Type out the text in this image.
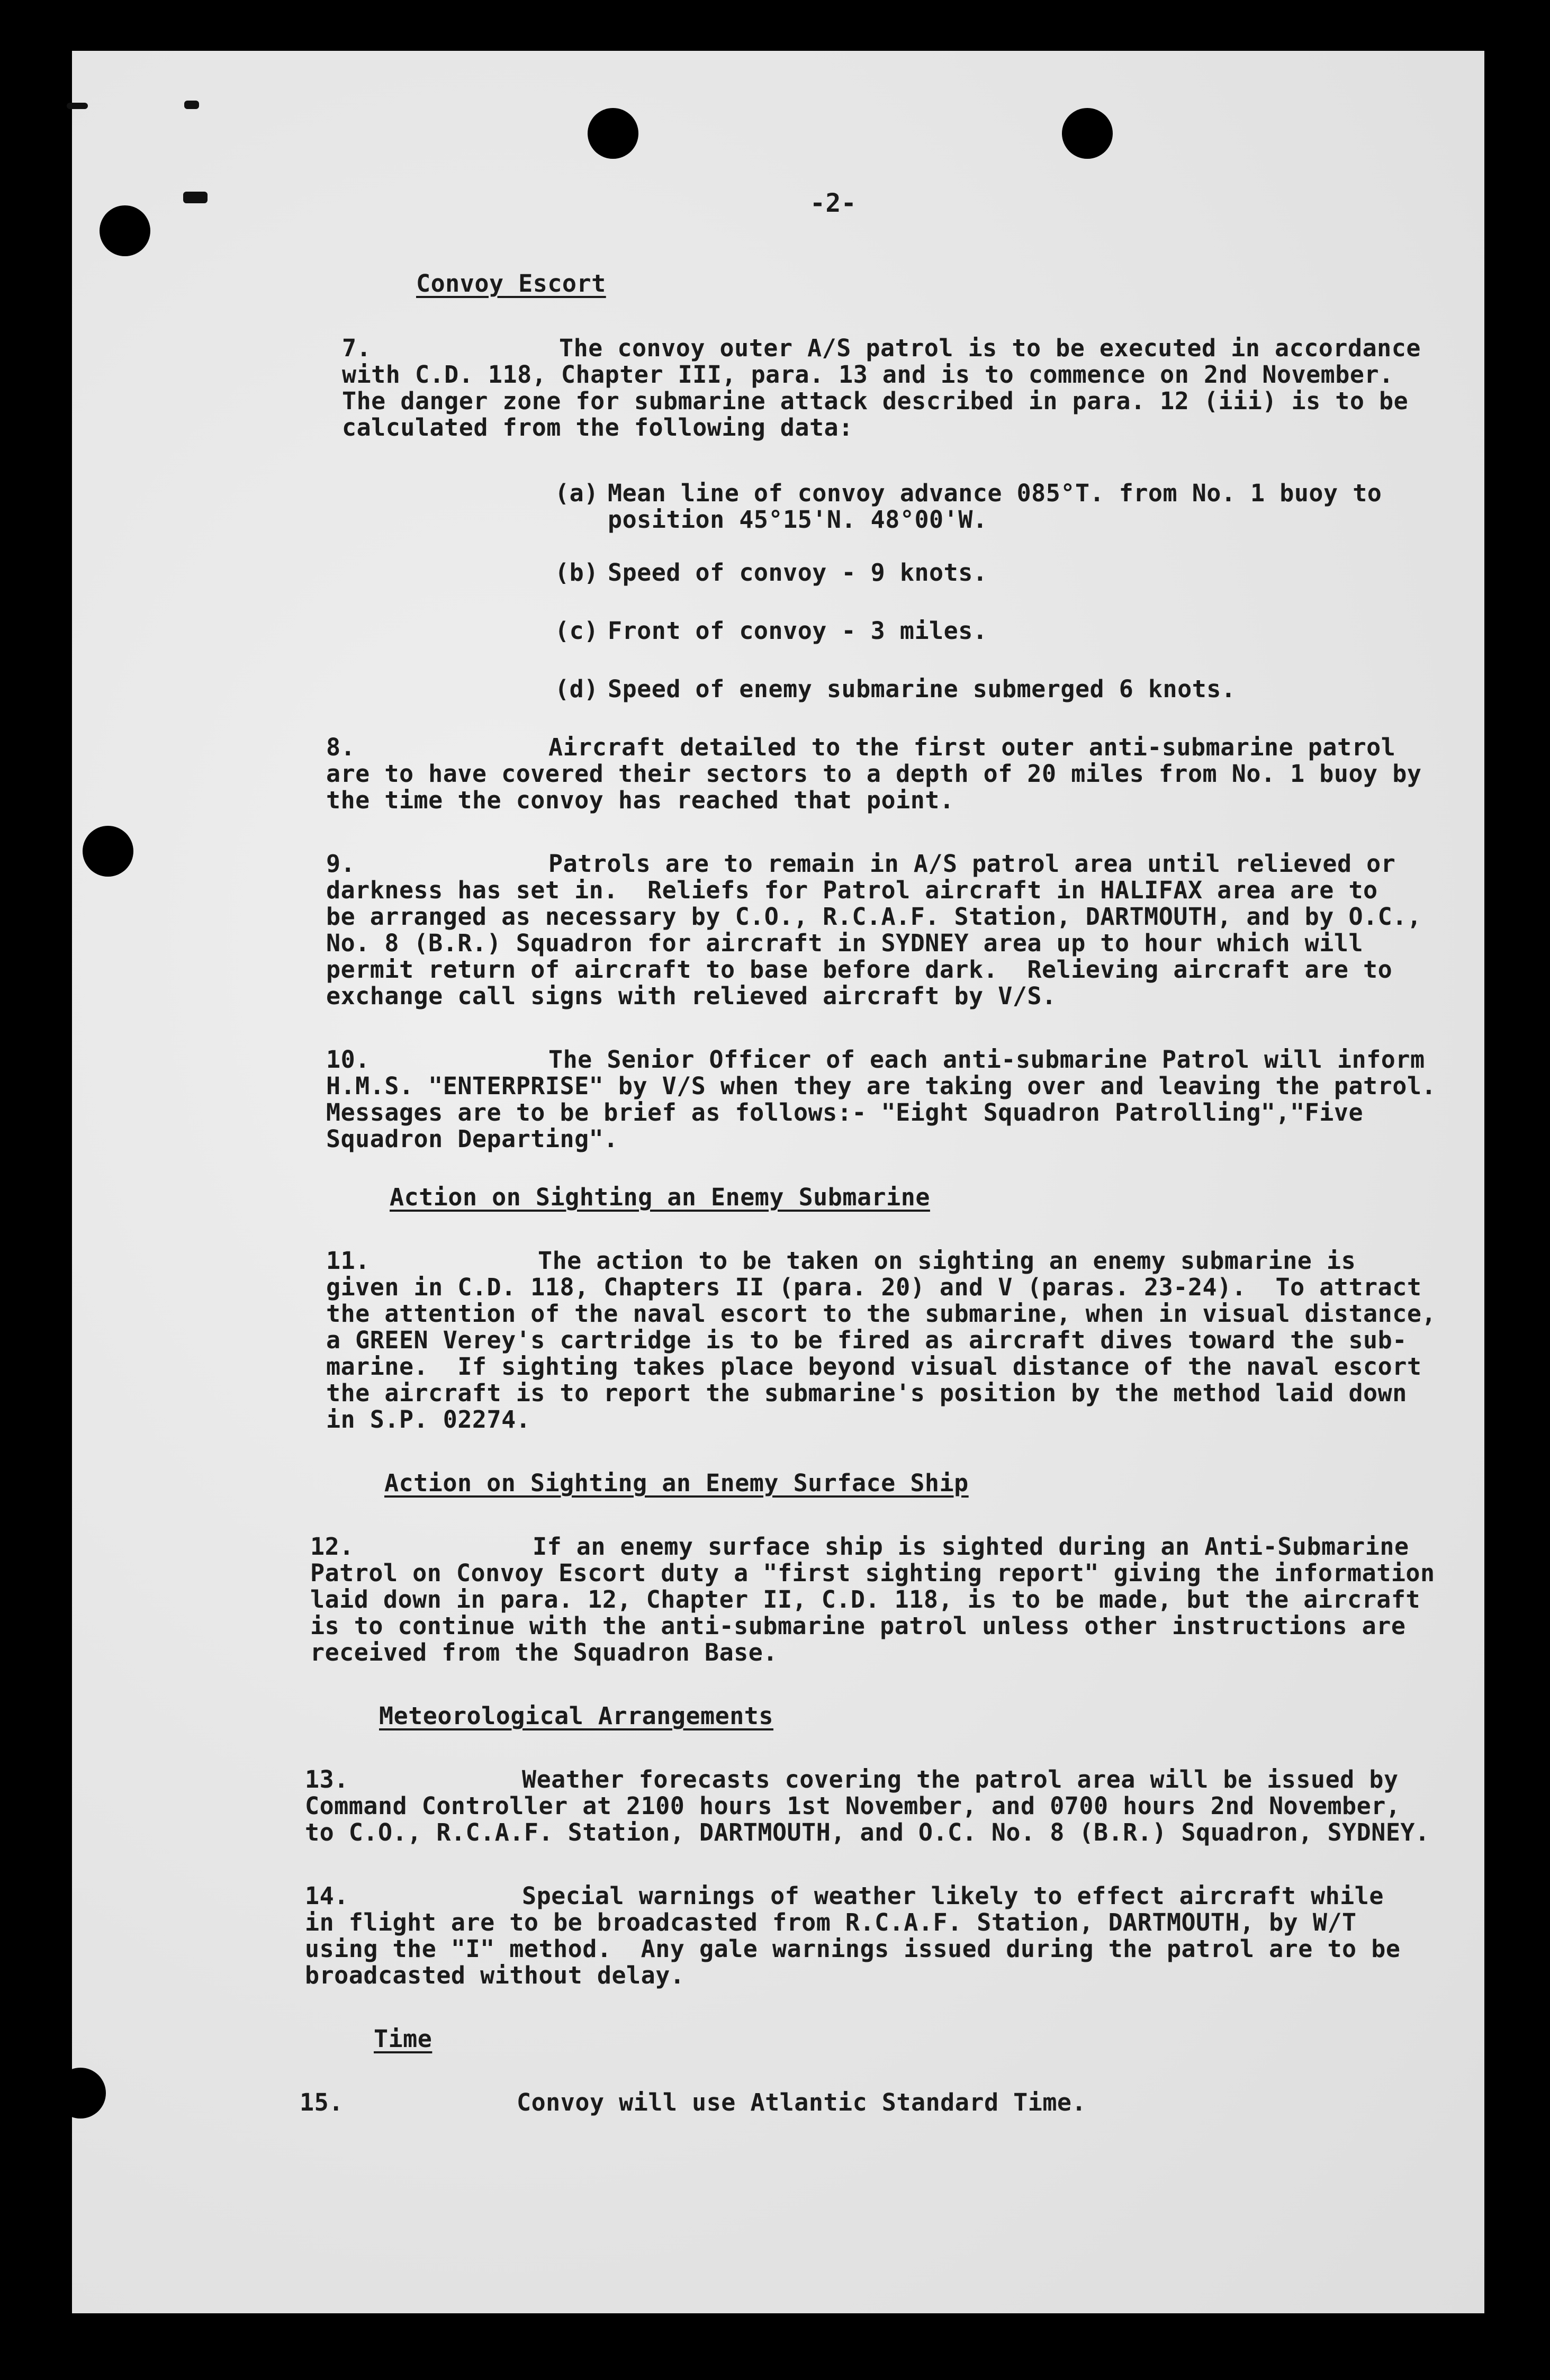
-2-
Convoy Escort
7.	The convoy outer A/S patrol is to be executed in accordance
with C.D. 118, Chapter III, para. 13 and is to commence on 2nd November.
The danger zone for submarine attack described in para. 12 (iii) is to be
calculated from the following data:
(a) Mean line of convoy advance 085°T. from No. 1 buoy to
position 45°15'N. 48°00'W.
(b) Speed of convoy - 9 knots.
(c) Front of convoy - 3 miles.
(d) Speed of enemy submarine submerged 6 knots.
8.	Aircraft detailed to the first outer anti-submarine patrol
are to have covered their sectors to a depth of 20 miles from No. 1 buoy by
the time the convoy has reached that point.
9.	Patrols are to remain in A/S patrol area until relieved or
darkness has set in.  Reliefs for Patrol aircraft in HALIFAX area are to
be arranged as necessary by C.O., R.C.A.F. Station, DARTMOUTH, and by O.C.,
No. 8 (B.R.) Squadron for aircraft in SYDNEY area up to hour which will
permit return of aircraft to base before dark.  Relieving aircraft are to
exchange call signs with relieved aircraft by V/S.
10.	The Senior Officer of each anti-submarine Patrol will inform
H.M.S. "ENTERPRISE" by V/S when they are taking over and leaving the patrol.
Messages are to be brief as follows:- "Eight Squadron Patrolling","Five
Squadron Departing".
Action on Sighting an Enemy Submarine
11.	The action to be taken on sighting an enemy submarine is
given in C.D. 118, Chapters II (para. 20) and V (paras. 23-24).  To attract
the attention of the naval escort to the submarine, when in visual distance,
a GREEN Verey's cartridge is to be fired as aircraft dives toward the sub-
marine.  If sighting takes place beyond visual distance of the naval escort
the aircraft is to report the submarine's position by the method laid down
in S.P. 02274.
Action on Sighting an Enemy Surface Ship
12.	If an enemy surface ship is sighted during an Anti-Submarine
Patrol on Convoy Escort duty a "first sighting report" giving the information
laid down in para. 12, Chapter II, C.D. 118, is to be made, but the aircraft
is to continue with the anti-submarine patrol unless other instructions are
received from the Squadron Base.
Meteorological Arrangements
13.	Weather forecasts covering the patrol area will be issued by
Command Controller at 2100 hours 1st November, and 0700 hours 2nd November,
to C.O., R.C.A.F. Station, DARTMOUTH, and O.C. No. 8 (B.R.) Squadron, SYDNEY.
14.	Special warnings of weather likely to effect aircraft while
in flight are to be broadcasted from R.C.A.F. Station, DARTMOUTH, by W/T
using the "I" method.  Any gale warnings issued during the patrol are to be
broadcasted without delay.
Time
15.	Convoy will use Atlantic Standard Time.
